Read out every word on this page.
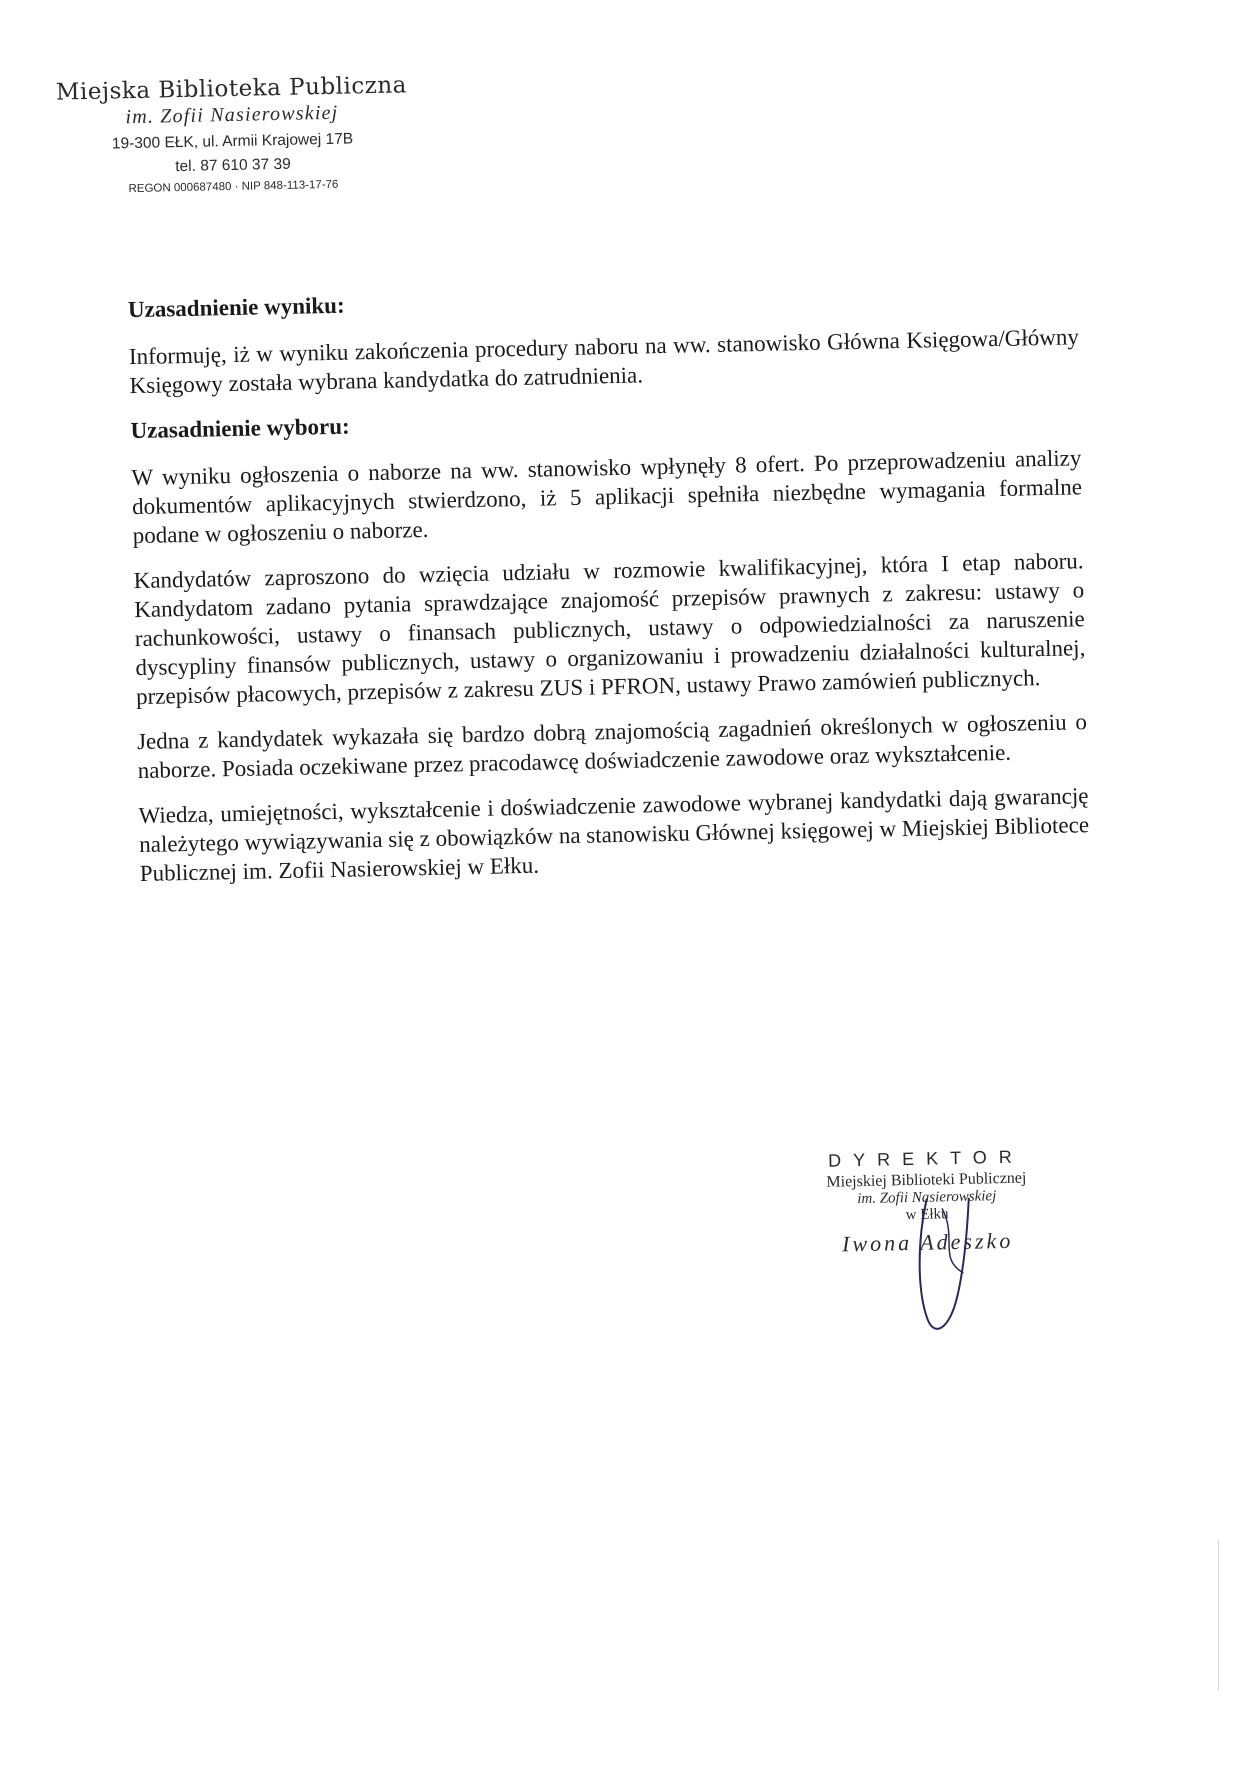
Miejska Biblioteka Publiczna
im. Zofii Nasierowskiej
19-300 EŁK, ul. Armii Krajowej 17B
tel. 87 610 37 39
REGON 000687480 · NIP 848-113-17-76

Uzasadnienie wyniku:

Informuję, iż w wyniku zakończenia procedury naboru na ww. stanowisko Główna Księgowa/Główny Księgowy została wybrana kandydatka do zatrudnienia.

Uzasadnienie wyboru:

W wyniku ogłoszenia o naborze na ww. stanowisko wpłynęły 8 ofert. Po przeprowadzeniu analizy dokumentów aplikacyjnych stwierdzono, iż 5 aplikacji spełniła niezbędne wymagania formalne podane w ogłoszeniu o naborze.

Kandydatów zaproszono do wzięcia udziału w rozmowie kwalifikacyjnej, która I etap naboru. Kandydatom zadano pytania sprawdzające znajomość przepisów prawnych z zakresu: ustawy o rachunkowości, ustawy o finansach publicznych, ustawy o odpowiedzialności za naruszenie dyscypliny finansów publicznych, ustawy o organizowaniu i prowadzeniu działalności kulturalnej, przepisów płacowych, przepisów z zakresu ZUS i PFRON, ustawy Prawo zamówień publicznych.

Jedna z kandydatek wykazała się bardzo dobrą znajomością zagadnień określonych w ogłoszeniu o naborze. Posiada oczekiwane przez pracodawcę doświadczenie zawodowe oraz wykształcenie.

Wiedza, umiejętności, wykształcenie i doświadczenie zawodowe wybranej kandydatki dają gwarancję należytego wywiązywania się z obowiązków na stanowisku Głównej księgowej w Miejskiej Bibliotece Publicznej im. Zofii Nasierowskiej w Ełku.

DYREKTOR
Miejskiej Biblioteki Publicznej
im. Zofii Nasierowskiej
w Ełku
Iwona Adeszko
